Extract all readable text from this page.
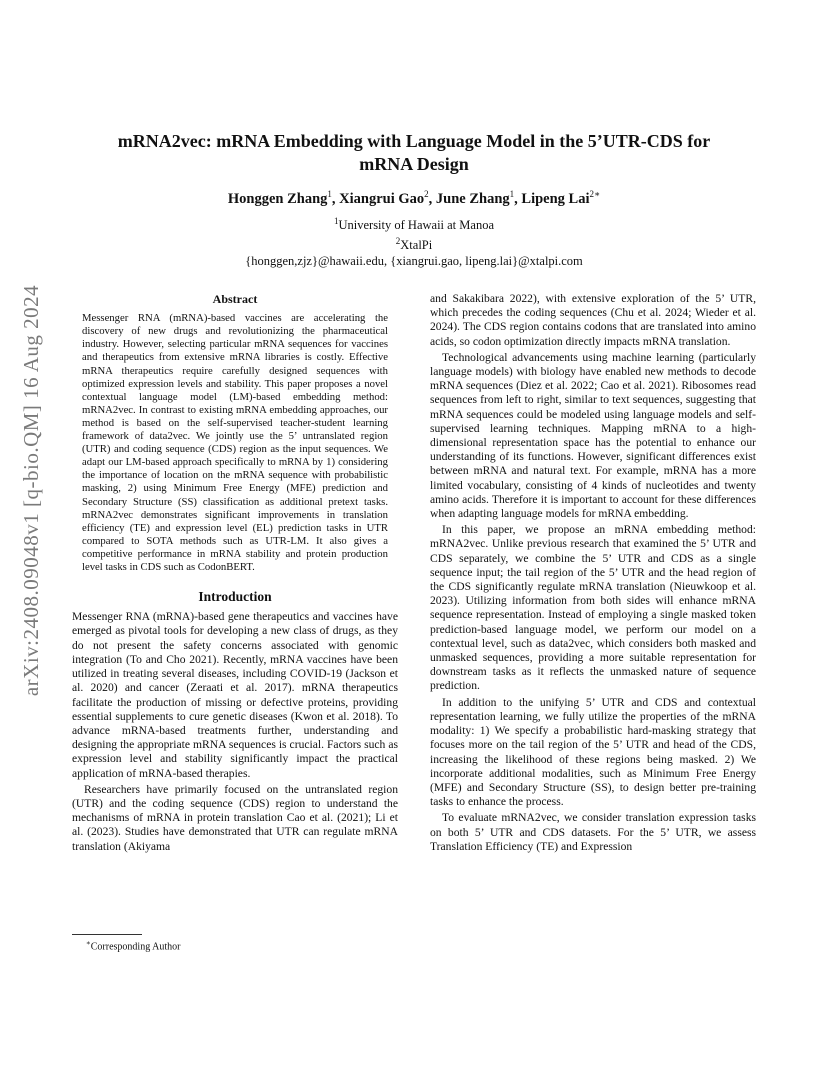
arXiv:2408.09048v1 [q-bio.QM] 16 Aug 2024
mRNA2vec: mRNA Embedding with Language Model in the 5’UTR-CDS for
mRNA Design
Honggen Zhang$^1$, Xiangrui Gao$^2$, June Zhang$^1$, Lipeng Lai$^{2∗}$
$^1$University of Hawaii at Manoa
$^2$XtalPi
{honggen,zjz}@hawaii.edu, {xiangrui.gao, lipeng.lai}@xtalpi.com
Abstract

Messenger RNA (mRNA)-based vaccines are accelerating the discovery of new drugs and revolutionizing the pharmaceutical industry. However, selecting particular mRNA sequences for vaccines and therapeutics from extensive mRNA libraries is costly. Effective mRNA therapeutics require carefully designed sequences with optimized expression levels and stability. This paper proposes a novel contextual language model (LM)-based embedding method: mRNA2vec. In contrast to existing mRNA embedding approaches, our method is based on the self-supervised teacher-student learning framework of data2vec. We jointly use the 5’ untranslated region (UTR) and coding sequence (CDS) region as the input sequences. We adapt our LM-based approach specifically to mRNA by 1) considering the importance of location on the mRNA sequence with probabilistic masking, 2) using Minimum Free Energy (MFE) prediction and Secondary Structure (SS) classification as additional pretext tasks. mRNA2vec demonstrates significant improvements in translation efficiency (TE) and expression level (EL) prediction tasks in UTR compared to SOTA methods such as UTR-LM. It also gives a competitive performance in mRNA stability and protein production level tasks in CDS such as CodonBERT.

Introduction

Messenger RNA (mRNA)-based gene therapeutics and vaccines have emerged as pivotal tools for developing a new class of drugs, as they do not present the safety concerns associated with genomic integration (To and Cho 2021). Recently, mRNA vaccines have been utilized in treating several diseases, including COVID-19 (Jackson et al. 2020) and cancer (Zeraati et al. 2017). mRNA therapeutics facilitate the production of missing or defective proteins, providing essential supplements to cure genetic diseases (Kwon et al. 2018). To advance mRNA-based treatments further, understanding and designing the appropriate mRNA sequences is crucial. Factors such as expression level and stability significantly impact the practical application of mRNA-based therapies.

Researchers have primarily focused on the untranslated region (UTR) and the coding sequence (CDS) region to understand the mechanisms of mRNA in protein translation Cao et al. (2021); Li et al. (2023). Studies have demonstrated that UTR can regulate mRNA translation (Akiyama

and Sakakibara 2022), with extensive exploration of the 5’ UTR, which precedes the coding sequences (Chu et al. 2024; Wieder et al. 2024). The CDS region contains codons that are translated into amino acids, so codon optimization directly impacts mRNA translation.

Technological advancements using machine learning (particularly language models) with biology have enabled new methods to decode mRNA sequences (Diez et al. 2022; Cao et al. 2021). Ribosomes read sequences from left to right, similar to text sequences, suggesting that mRNA sequences could be modeled using language models and self-supervised learning techniques. Mapping mRNA to a high-dimensional representation space has the potential to enhance our understanding of its functions. However, significant differences exist between mRNA and natural text. For example, mRNA has a more limited vocabulary, consisting of 4 kinds of nucleotides and twenty amino acids. Therefore it is important to account for these differences when adapting language models for mRNA embedding.

In this paper, we propose an mRNA embedding method: mRNA2vec. Unlike previous research that examined the 5’ UTR and CDS separately, we combine the 5’ UTR and CDS as a single sequence input; the tail region of the 5’ UTR and the head region of the CDS significantly regulate mRNA translation (Nieuwkoop et al. 2023). Utilizing information from both sides will enhance mRNA sequence representation. Instead of employing a single masked token prediction-based language model, we perform our model on a contextual level, such as data2vec, which considers both masked and unmasked sequences, providing a more suitable representation for downstream tasks as it reflects the unmasked nature of sequence prediction.

In addition to the unifying 5’ UTR and CDS and contextual representation learning, we fully utilize the properties of the mRNA modality: 1) We specify a probabilistic hard-masking strategy that focuses more on the tail region of the 5’ UTR and head of the CDS, increasing the likelihood of these regions being masked. 2) We incorporate additional modalities, such as Minimum Free Energy (MFE) and Secondary Structure (SS), to design better pre-training tasks to enhance the process.

To evaluate mRNA2vec, we consider translation expression tasks on both 5’ UTR and CDS datasets. For the 5’ UTR, we assess Translation Efficiency (TE) and Expression

∗Corresponding Author
